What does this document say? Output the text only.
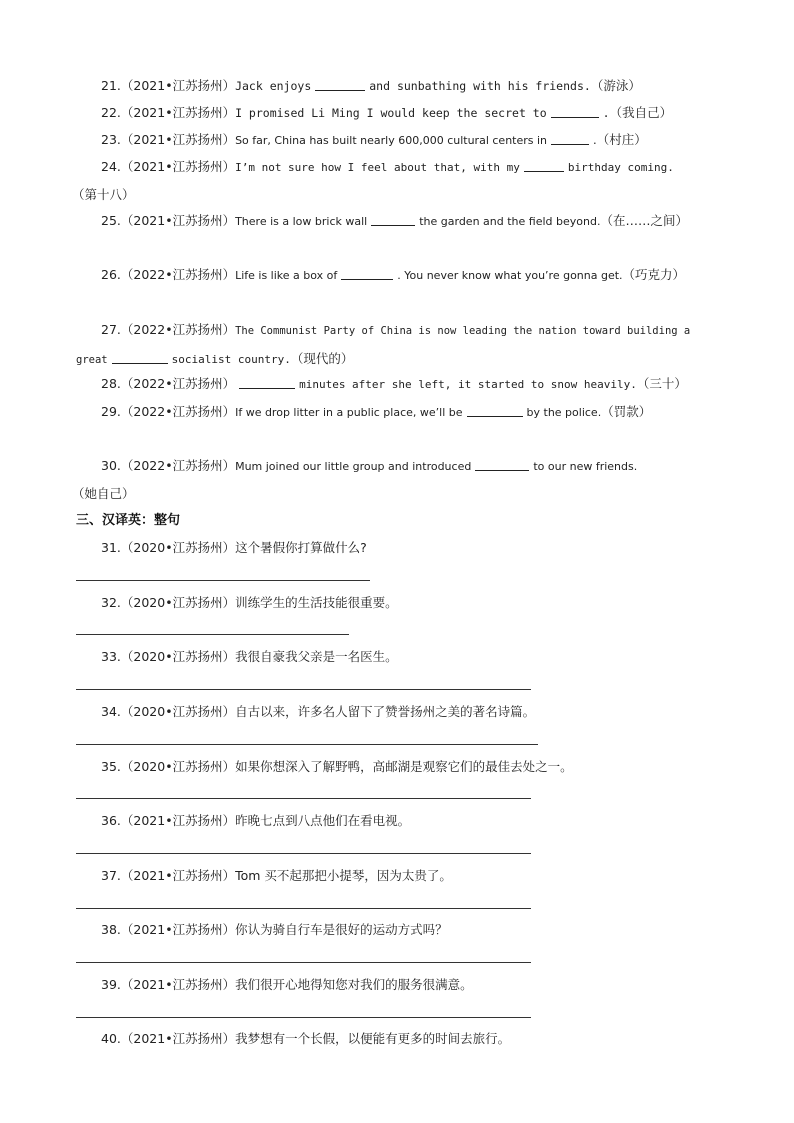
21.（2021•江苏扬州）Jack enjoys	and sunbathing with his friends.（游泳）
22.（2021•江苏扬州）I promised Li Ming I would keep the secret to	.（我自己）
23.（2021•江苏扬州）So far, China has built nearly 600,000 cultural centers in	.（村庄）
24.（2021•江苏扬州）I’m not sure how I feel about that, with my	birthday coming.
（第十八）
25.（2021•江苏扬州）There is a low brick wall	the garden and the field beyond.（在……之间）
26.（2022•江苏扬州）Life is like a box of	. You never know what you’re gonna get.（巧克力）
27.（2022•江苏扬州）The Communist Party of China is now leading the nation toward building a great	socialist country.（现代的）
28.（2022•江苏扬州）	minutes after she left, it started to snow heavily.（三十）
29.（2022•江苏扬州）If we drop litter in a public place, we’ll be	by the police.（罚款）
30.（2022•江苏扬州）Mum joined our little group and introduced	to our new friends.
（她自己）
三、汉译英：整句
31.（2020•江苏扬州）这个暑假你打算做什么?
32.（2020•江苏扬州）训练学生的生活技能很重要。
33.（2020•江苏扬州）我很自豪我父亲是一名医生。
34.（2020•江苏扬州）自古以来，许多名人留下了赞誉扬州之美的著名诗篇。
35.（2020•江苏扬州）如果你想深入了解野鸭，高邮湖是观察它们的最佳去处之一。
36.（2021•江苏扬州）昨晚七点到八点他们在看电视。
37.（2021•江苏扬州）Tom 买不起那把小提琴，因为太贵了。
38.（2021•江苏扬州）你认为骑自行车是很好的运动方式吗？
39.（2021•江苏扬州）我们很开心地得知您对我们的服务很满意。
40.（2021•江苏扬州）我梦想有一个长假，以便能有更多的时间去旅行。
